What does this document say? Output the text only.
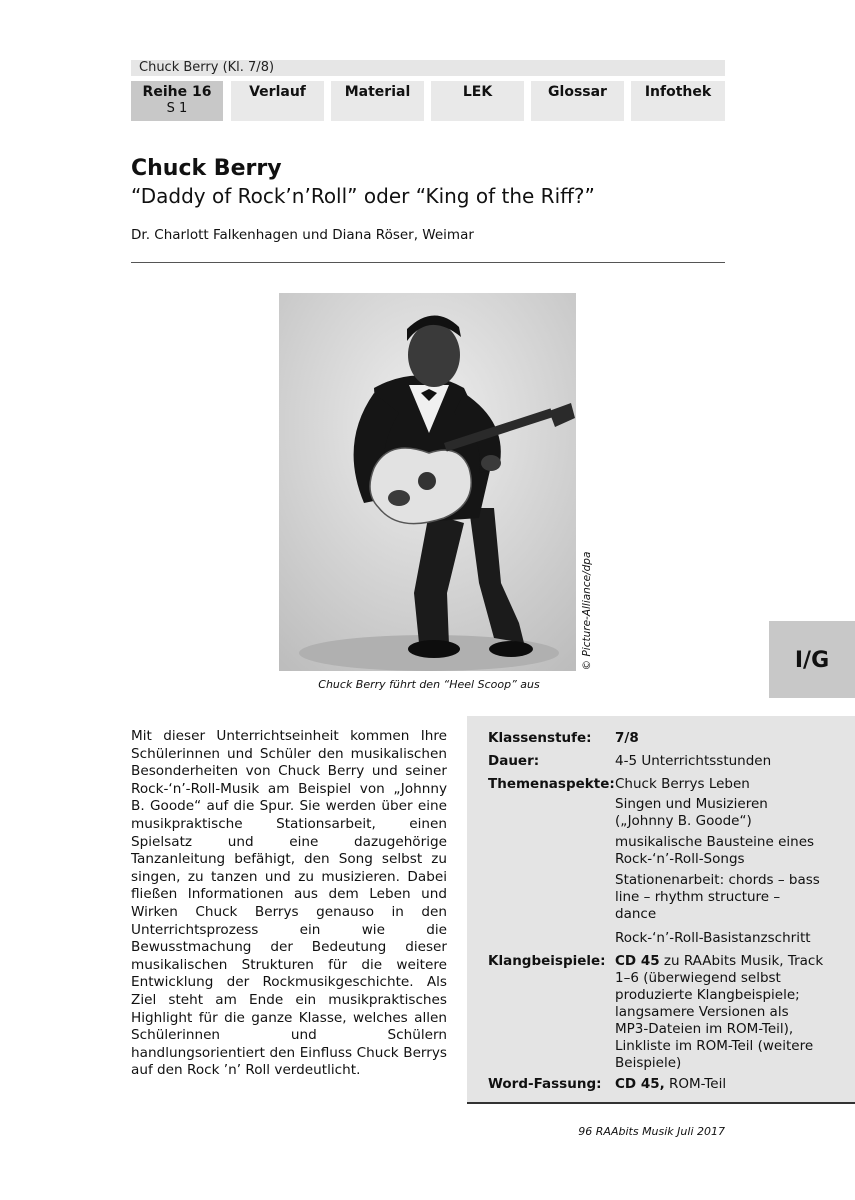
Chuck Berry (Kl. 7/8)
Reihe 16
S 1
Verlauf	Material	LEK	Glossar	Infothek
Chuck Berry
“Daddy of Rock’n’Roll” oder “King of the Riff?”
Dr. Charlott Falkenhagen und Diana Röser, Weimar
© Picture-Alliance/dpa
Chuck Berry führt den “Heel Scoop” aus
I/G
Mit dieser Unterrichtseinheit kommen Ihre Schülerinnen und Schüler den musikalischen Besonderheiten von Chuck Berry und seiner Rock-‘n’-Roll-Musik am Beispiel von „Johnny B. Goode“ auf die Spur. Sie werden über eine musikpraktische Stationsarbeit, einen Spielsatz und eine dazugehörige Tanzanleitung befähigt, den Song selbst zu singen, zu tanzen und zu musizieren. Dabei fließen Informationen aus dem Leben und Wirken Chuck Berrys genauso in den Unterrichtsprozess ein wie die Bewusstmachung der Bedeutung dieser musikalischen Strukturen für die weitere Entwicklung der Rockmusikgeschichte. Als Ziel steht am Ende ein musikpraktisches Highlight für die ganze Klasse, welches allen Schülerinnen und Schülern handlungsorientiert den Einfluss Chuck Berrys auf den Rock ’n’ Roll verdeutlicht.
Klassenstufe: 7/8
Dauer:	4-5 Unterrichtsstunden
Themenaspekte: Chuck Berrys Leben
Singen und Musizieren („Johnny B. Goode“)
musikalische Bausteine eines Rock-‘n’-Roll-Songs
Stationenarbeit: chords – bass line – rhythm structure – dance
Rock-‘n’-Roll-Basistanzschritt
Klangbeispiele: CD 45 zu RAAbits Musik, Track 1–6 (überwiegend selbst produzierte Klangbeispiele; langsamere Versionen als MP3-Dateien im ROM-Teil), Linkliste im ROM-Teil (weitere Beispiele)
Word-Fassung: CD 45, ROM-Teil
96 RAAbits Musik Juli 2017
